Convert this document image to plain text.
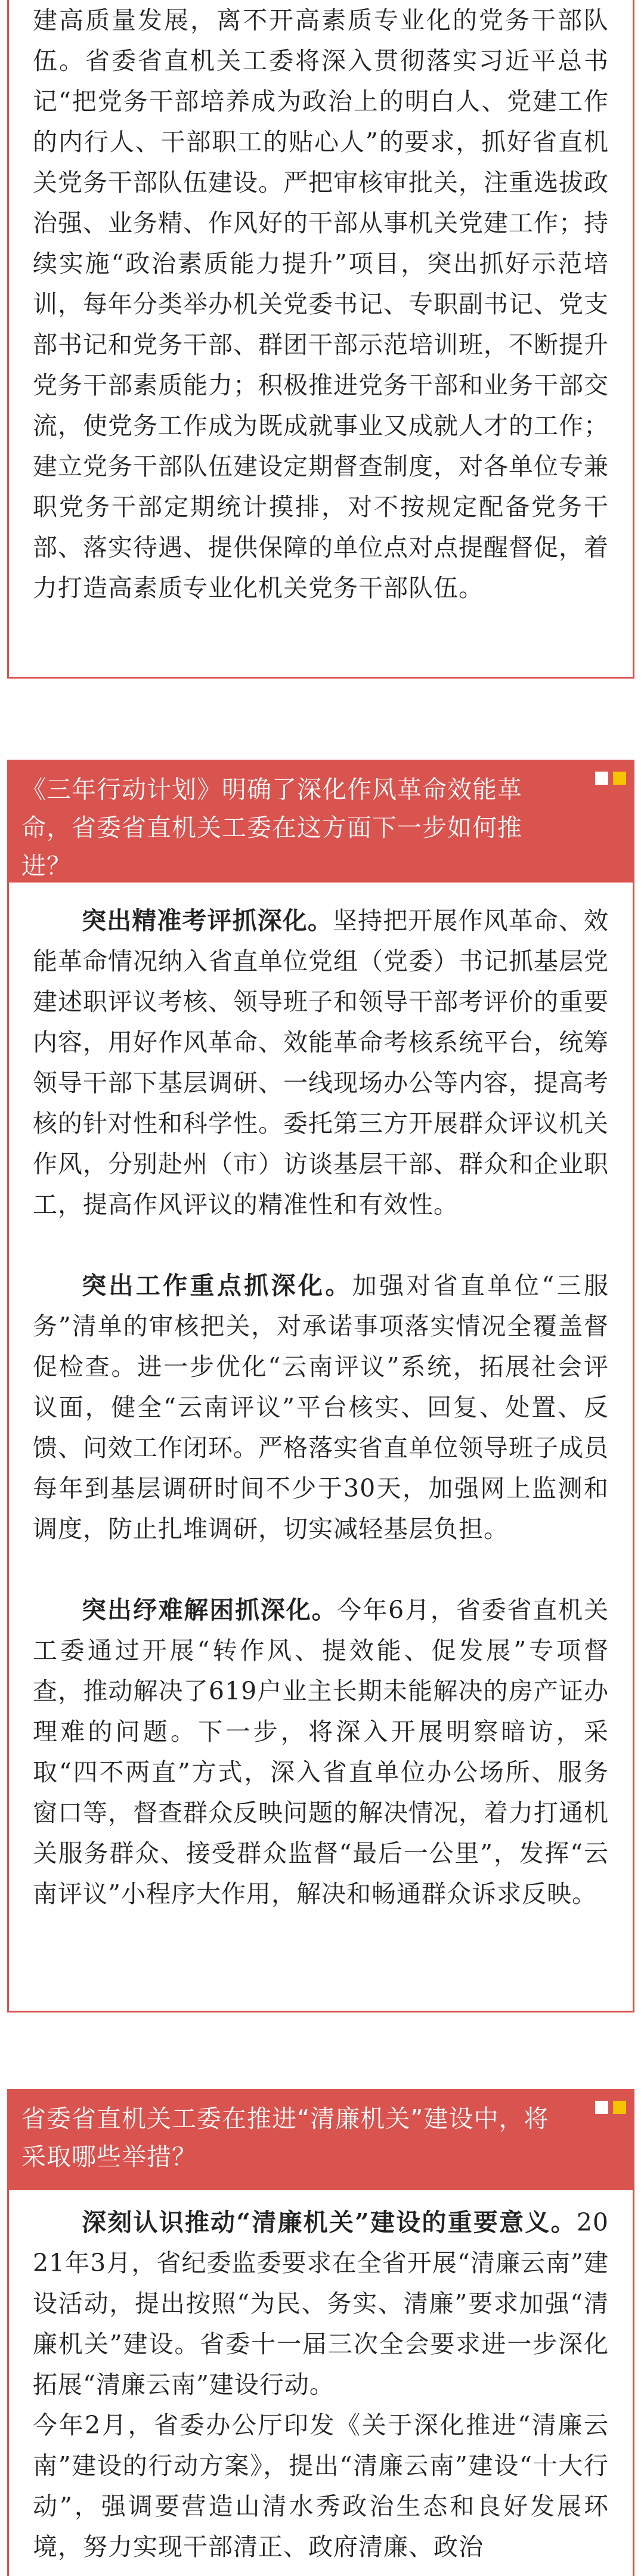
建高质量发展，离不开高素质专业化的党务干部队伍。省委省直机关工委将深入贯彻落实习近平总书记“把党务干部培养成为政治上的明白人、党建工作的内行人、干部职工的贴心人”的要求，抓好省直机关党务干部队伍建设。严把审核审批关，注重选拔政治强、业务精、作风好的干部从事机关党建工作；持续实施“政治素质能力提升”项目，突出抓好示范培训，每年分类举办机关党委书记、专职副书记、党支部书记和党务干部、群团干部示范培训班，不断提升党务干部素质能力；积极推进党务干部和业务干部交流，使党务工作成为既成就事业又成就人才的工作；建立党务干部队伍建设定期督查制度，对各单位专兼职党务干部定期统计摸排，对不按规定配备党务干部、落实待遇、提供保障的单位点对点提醒督促，着力打造高素质专业化机关党务干部队伍。

《三年行动计划》明确了深化作风革命效能革命，省委省直机关工委在这方面下一步如何推进？

突出精准考评抓深化。坚持把开展作风革命、效能革命情况纳入省直单位党组（党委）书记抓基层党建述职评议考核、领导班子和领导干部考评价的重要内容，用好作风革命、效能革命考核系统平台，统筹领导干部下基层调研、一线现场办公等内容，提高考核的针对性和科学性。委托第三方开展群众评议机关作风，分别赴州（市）访谈基层干部、群众和企业职工，提高作风评议的精准性和有效性。

突出工作重点抓深化。加强对省直单位“三服务”清单的审核把关，对承诺事项落实情况全覆盖督促检查。进一步优化“云南评议”系统，拓展社会评议面，健全“云南评议”平台核实、回复、处置、反馈、问效工作闭环。严格落实省直单位领导班子成员每年到基层调研时间不少于30天，加强网上监测和调度，防止扎堆调研，切实减轻基层负担。

突出纾难解困抓深化。今年6月，省委省直机关工委通过开展“转作风、提效能、促发展”专项督查，推动解决了619户业主长期未能解决的房产证办理难的问题。下一步，将深入开展明察暗访，采取“四不两直”方式，深入省直单位办公场所、服务窗口等，督查群众反映问题的解决情况，着力打通机关服务群众、接受群众监督“最后一公里”，发挥“云南评议”小程序大作用，解决和畅通群众诉求反映。

省委省直机关工委在推进“清廉机关”建设中，将采取哪些举措？

深刻认识推动“清廉机关”建设的重要意义。2021年3月，省纪委监委要求在全省开展“清廉云南”建设活动，提出按照“为民、务实、清廉”要求加强“清廉机关”建设。省委十一届三次全会要求进一步深化拓展“清廉云南”建设行动。

今年2月，省委办公厅印发《关于深化推进“清廉云南”建设的行动方案》，提出“清廉云南”建设“十大行动”，强调要营造山清水秀政治生态和良好发展环境，努力实现干部清正、政府清廉、政治
